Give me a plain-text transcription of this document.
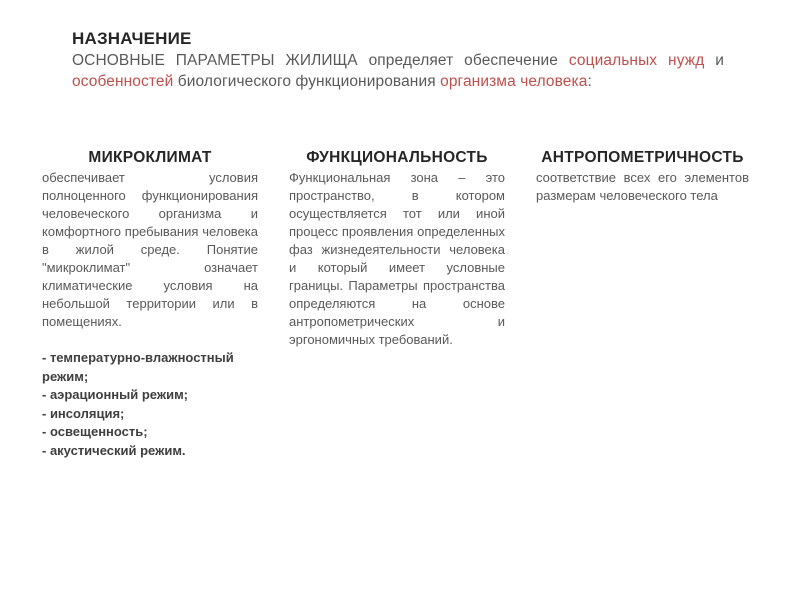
НАЗНАЧЕНИЕ
ОСНОВНЫЕ ПАРАМЕТРЫ ЖИЛИЩА определяет обеспечение социальных нужд и особенностей биологического функционирования организма человека:
МИКРОКЛИМАТ
обеспечивает условия полноценного функционирования человеческого организма и комфортного пребывания человека в жилой среде. Понятие "микроклимат" означает климатические условия на небольшой территории или в помещениях.
- температурно-влажностный режим;
- аэрационный режим;
- инсоляция;
- освещенность;
- акустический режим.
ФУНКЦИОНАЛЬНОСТЬ
Функциональная зона – это пространство, в котором осуществляется тот или иной процесс проявления определенных фаз жизнедеятельности человека и который имеет условные границы. Параметры пространства определяются на основе антропометрических и эргономичных требований.
АНТРОПОМЕТРИЧНОСТЬ
соответствие всех его элементов размерам человеческого тела
